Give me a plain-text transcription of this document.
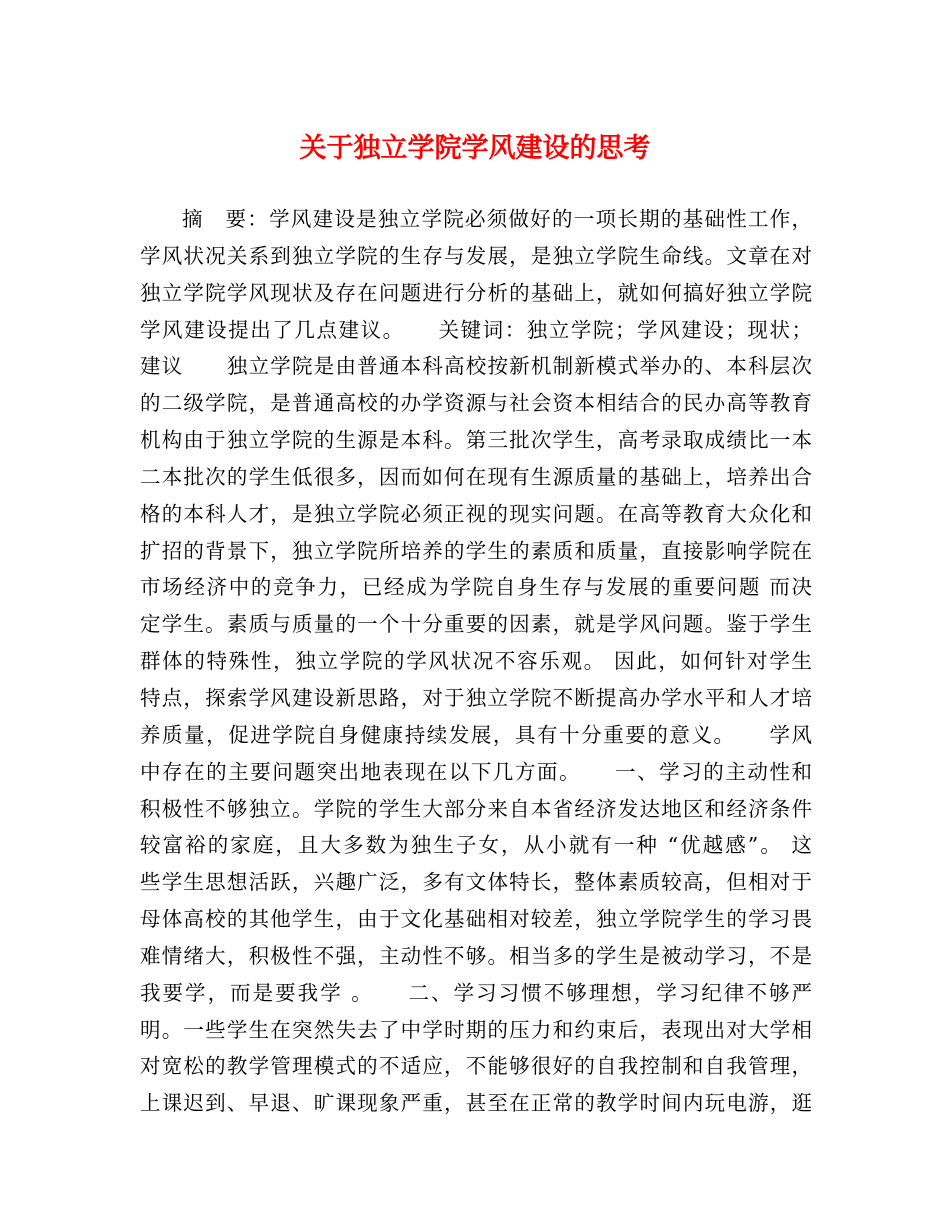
关于独立学院学风建设的思考
摘　要：学风建设是独立学院必须做好的一项长期的基础性工作，
学风状况关系到独立学院的生存与发展，是独立学院生命线。文章在对
独立学院学风现状及存在问题进行分析的基础上，就如何搞好独立学院
学风建设提出了几点建议。　　关键词：独立学院；学风建设；现状；
建议　　独立学院是由普通本科高校按新机制新模式举办的、本科层次
的二级学院，是普通高校的办学资源与社会资本相结合的民办高等教育
机构由于独立学院的生源是本科。第三批次学生，高考录取成绩比一本
二本批次的学生低很多，因而如何在现有生源质量的基础上，培养出合
格的本科人才，是独立学院必须正视的现实问题。在高等教育大众化和
扩招的背景下，独立学院所培养的学生的素质和质量，直接影响学院在
市场经济中的竞争力，已经成为学院自身生存与发展的重要问题 而决
定学生。素质与质量的一个十分重要的因素，就是学风问题。鉴于学生
群体的特殊性，独立学院的学风状况不容乐观。 因此，如何针对学生
特点，探索学风建设新思路，对于独立学院不断提高办学水平和人才培
养质量，促进学院自身健康持续发展，具有十分重要的意义。　　学风
中存在的主要问题突出地表现在以下几方面。　　一、学习的主动性和
积极性不够独立。学院的学生大部分来自本省经济发达地区和经济条件
较富裕的家庭，且大多数为独生子女，从小就有一种 “优越感”。 这
些学生思想活跃，兴趣广泛，多有文体特长，整体素质较高，但相对于
母体高校的其他学生，由于文化基础相对较差，独立学院学生的学习畏
难情绪大，积极性不强，主动性不够。相当多的学生是被动学习，不是
我要学，而是要我学 。　　二、学习习惯不够理想，学习纪律不够严
明。一些学生在突然失去了中学时期的压力和约束后，表现出对大学相
对宽松的教学管理模式的不适应，不能够很好的自我控制和自我管理，
上课迟到、早退、旷课现象严重，甚至在正常的教学时间内玩电游，逛
